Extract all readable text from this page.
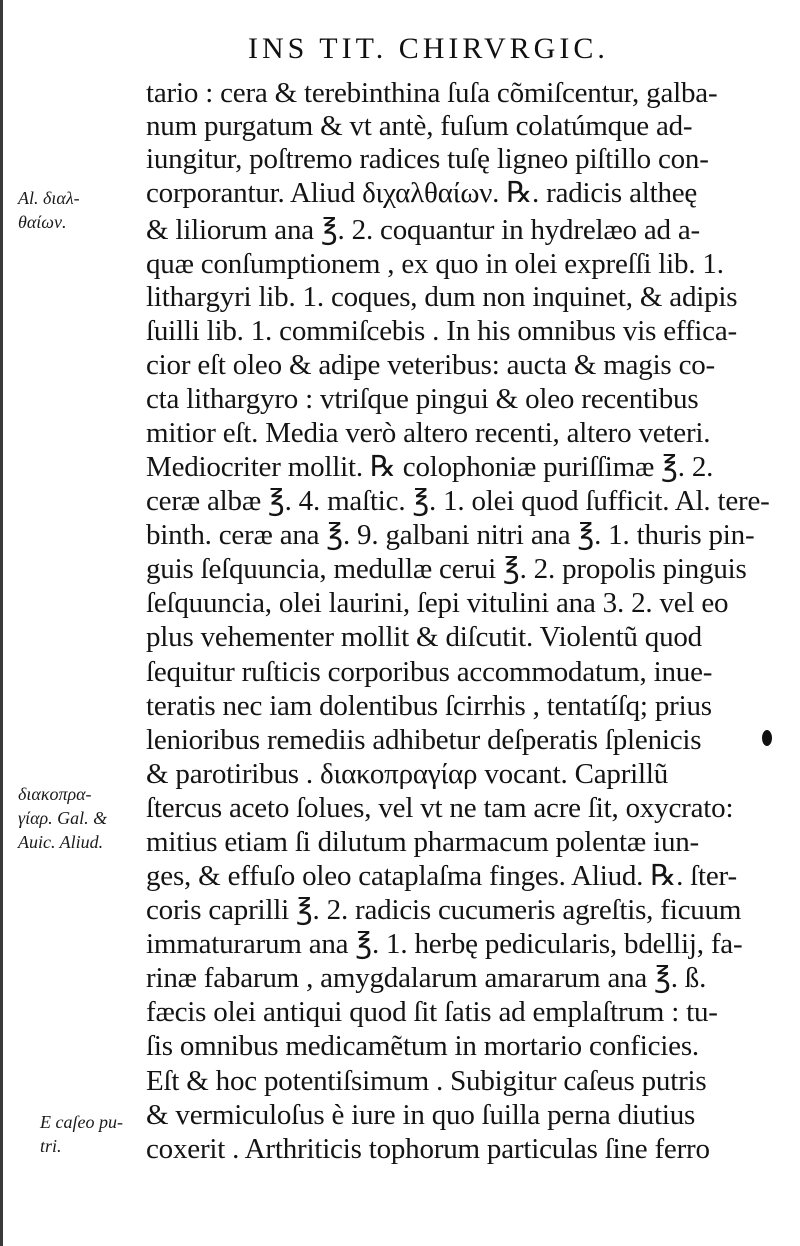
INS TIT. CHIRVRGIC.
tario : cera & terebinthina ſuſa cõmiſcentur, galba-
num purgatum & vt antè, fuſum colatúmque ad-
iungitur, poſtremo radices tuſę ligneo piſtillo con-
corporantur. Aliud διχαλθαίων. ℞. radicis altheę
& liliorum ana ℥. 2. coquantur in hydrelæo ad a-
quæ conſumptionem , ex quo in olei expreſſi lib. 1.
lithargyri lib. 1. coques, dum non inquinet, & adipis
ſuilli lib. 1. commiſcebis . In his omnibus vis effica-
cior eſt oleo & adipe veteribus: aucta & magis co-
cta lithargyro : vtriſque pingui & oleo recentibus
mitior eſt. Media verò altero recenti, altero veteri.
Mediocriter mollit. ℞ colophoniæ puriſſimæ ℥. 2.
ceræ albæ ℥. 4. maſtic. ℥. 1. olei quod ſufficit. Al. tere-
binth. ceræ ana ℥. 9. galbani nitri ana ℥. 1. thuris pin-
guis ſeſquuncia, medullæ cerui ℥. 2. propolis pinguis
ſeſquuncia, olei laurini, ſepi vitulini ana 3. 2. vel eo
plus vehementer mollit & diſcutit. Violentũ quod
ſequitur ruſticis corporibus accommodatum, inue-
teratis nec iam dolentibus ſcirrhis , tentatíſq; prius
lenioribus remediis adhibetur deſperatis ſplenicis
& parotiribus . διακοπραγίαρ vocant. Caprillũ
ſtercus aceto ſolues, vel vt ne tam acre ſit, oxycrato:
mitius etiam ſi dilutum pharmacum polentæ iun-
ges, & effuſo oleo cataplaſma finges. Aliud. ℞. ſter-
coris caprilli ℥. 2. radicis cucumeris agreſtis, ficuum
immaturarum ana ℥. 1. herbę pedicularis, bdellij, fa-
rinæ fabarum , amygdalarum amararum ana ℥. ß.
fæcis olei antiqui quod ſit ſatis ad emplaſtrum : tu-
ſis omnibus medicamẽtum in mortario conficies.
Eſt & hoc potentiſsimum . Subigitur caſeus putris
& vermiculoſus è iure in quo ſuilla perna diutius
coxerit . Arthriticis tophorum particulas ſine ferro
Al. διαλ-
θαίων.
διακοπρα-
γίαρ. Gal. &
Auic. Aliud.
E caſeo pu-
tri.
